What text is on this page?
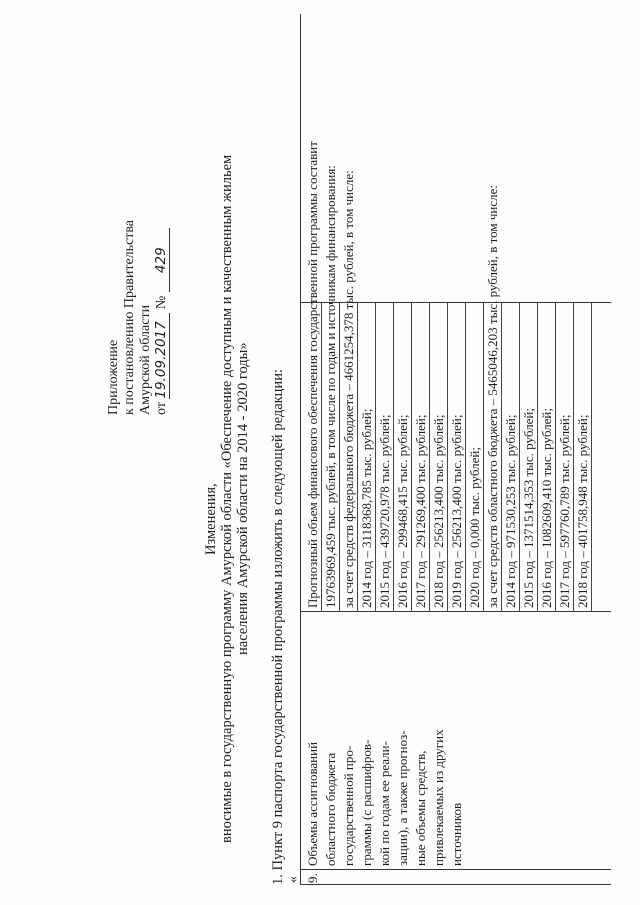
Приложение к постановлению Правительства Амурской области от 19.09.2017 № 429
Изменения, вносимые в государственную программу Амурской области «Обеспечение доступным и качественным жильем населения Амурской области на 2014 - 2020 годы» 1. Пункт 9 паспорта государственной программы изложить в следующей редакции: « 9.
Объемы ассигнований областного бюджета государственной про- граммы (с расшифров- кой по годам ее реали- зации), а также прогноз- ные объемы средств, привлекаемых из других источников
Прогнозный объем финансового обеспечения государственной программы составит 19763969,459 тыс. рублей, в том числе по годам и источникам финансирования: за счет средств федерального бюджета – 4661254,378 тыс. рублей, в том числе: 2014 год – 3118368,785 тыс. рублей; 2015 год – 439720,978 тыс. рублей; 2016 год – 299468,415 тыс. рублей; 2017 год – 291269,400 тыс. рублей; 2018 год – 256213,400 тыс. рублей; 2019 год – 256213,400 тыс. рублей; 2020 год – 0,000 тыс. рублей; за счет средств областного бюджета – 5465046,203 тыс. рублей, в том числе: 2014 год – 971530,253 тыс. рублей; 2015 год – 1371514,353 тыс. рублей; 2016 год – 1082609,410 тыс. рублей; 2017 год – 597760,789 тыс. рублей; 2018 год – 401758,948 тыс. рублей;
